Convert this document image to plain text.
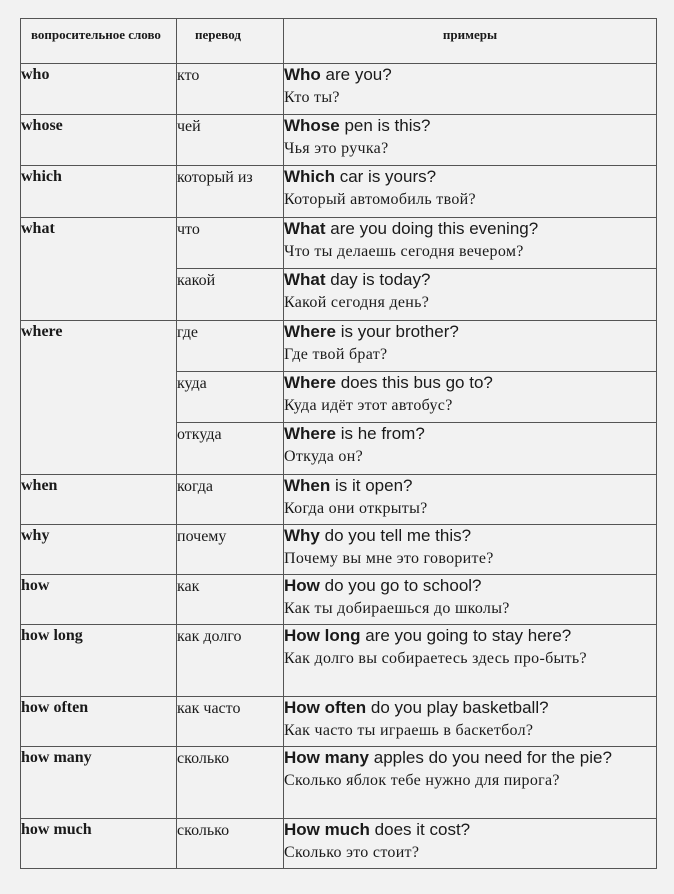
вопросительное слово	перевод	примеры
who	кто	Who are you?
Кто ты?

whose	чей	Whose pen is this?
Чья это ручка?

which	который из	Which car is yours?
Который автомобиль твой?

what	что	What are you doing this evening?
Что ты делаешь сегодня вечером?

	какой	What day is today?
Какой сегодня день?

where	где	Where is your brother?
Где твой брат?

	куда	Where does this bus go to?
Куда идёт этот автобус?

	откуда	Where is he from?
Откуда он?

when	когда	When is it open?
Когда они открыты?

why	почему	Why do you tell me this?
Почему вы мне это говорите?

how	как	How do you go to school?
Как ты добираешься до школы?

how long	как долго	How long are you going to stay here?
Как долго вы собираетесь здесь про-быть?

how often	как часто	How often do you play basketball?
Как часто ты играешь в баскетбол?

how many	сколько	How many apples do you need for the pie?
Сколько яблок тебе нужно для пирога?

how much	сколько	How much does it cost?
Сколько это стоит?
